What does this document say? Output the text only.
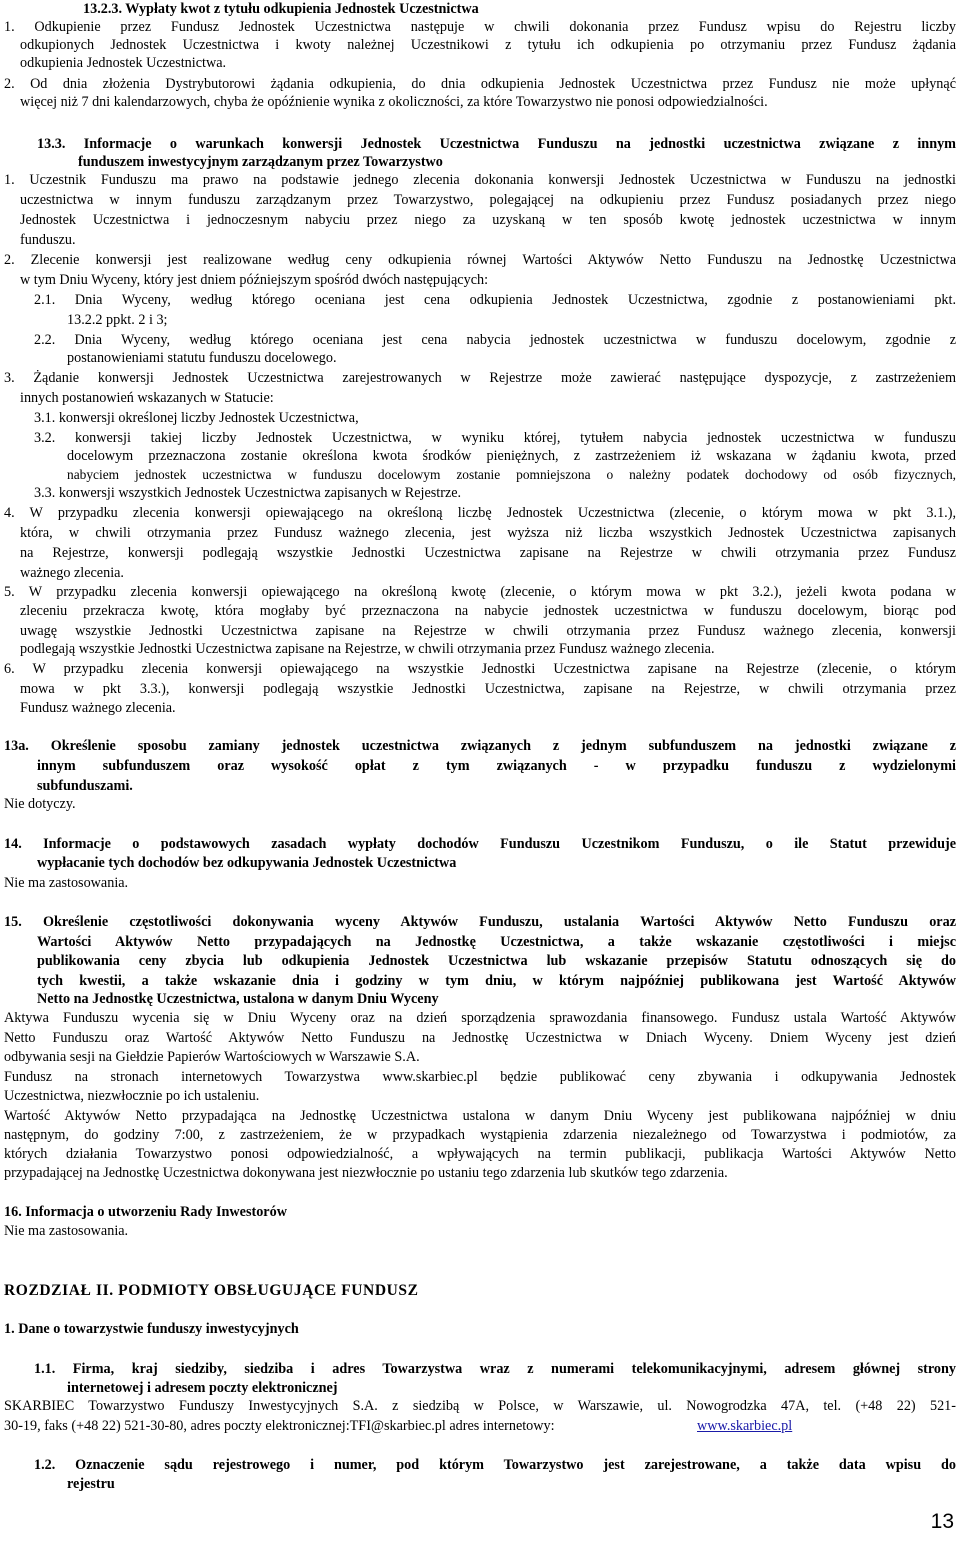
13.2.3. Wypłaty kwot z tytułu odkupienia Jednostek Uczestnictwa
1. Odkupienie przez Fundusz Jednostek Uczestnictwa następuje w chwili dokonania przez Fundusz wpisu do Rejestru liczby
odkupionych Jednostek Uczestnictwa i kwoty należnej Uczestnikowi z tytułu ich odkupienia po otrzymaniu przez Fundusz żądania
odkupienia Jednostek Uczestnictwa.
2. Od dnia złożenia Dystrybutorowi żądania odkupienia, do dnia odkupienia Jednostek Uczestnictwa przez Fundusz nie może upłynąć
więcej niż 7 dni kalendarzowych, chyba że opóźnienie wynika z okoliczności, za które Towarzystwo nie ponosi odpowiedzialności.
13.3. Informacje o warunkach konwersji Jednostek Uczestnictwa Funduszu na jednostki uczestnictwa związane z innym
funduszem inwestycyjnym zarządzanym przez Towarzystwo
1. Uczestnik Funduszu ma prawo na podstawie jednego zlecenia dokonania konwersji Jednostek Uczestnictwa w Funduszu na jednostki
uczestnictwa w innym funduszu zarządzanym przez Towarzystwo, polegającej na odkupieniu przez Fundusz posiadanych przez niego
Jednostek Uczestnictwa i jednoczesnym nabyciu przez niego za uzyskaną w ten sposób kwotę jednostek uczestnictwa w innym
funduszu.
2. Zlecenie konwersji jest realizowane według ceny odkupienia równej Wartości Aktywów Netto Funduszu na Jednostkę Uczestnictwa
w tym Dniu Wyceny, który jest dniem późniejszym spośród dwóch następujących:
2.1. Dnia Wyceny, według którego oceniana jest cena odkupienia Jednostek Uczestnictwa, zgodnie z postanowieniami pkt.
13.2.2 ppkt. 2 i 3;
2.2. Dnia Wyceny, według którego oceniana jest cena nabycia jednostek uczestnictwa w funduszu docelowym, zgodnie z
postanowieniami statutu funduszu docelowego.
3. Żądanie konwersji Jednostek Uczestnictwa zarejestrowanych w Rejestrze może zawierać następujące dyspozycje, z zastrzeżeniem
innych postanowień wskazanych w Statucie:
3.1. konwersji określonej liczby Jednostek Uczestnictwa,
3.2. konwersji takiej liczby Jednostek Uczestnictwa, w wyniku której, tytułem nabycia jednostek uczestnictwa w funduszu
docelowym przeznaczona zostanie określona kwota środków pieniężnych, z zastrzeżeniem iż wskazana w żądaniu kwota, przed
nabyciem jednostek uczestnictwa w funduszu docelowym zostanie pomniejszona o należny podatek dochodowy od osób fizycznych,
3.3. konwersji wszystkich Jednostek Uczestnictwa zapisanych w Rejestrze.
4. W przypadku zlecenia konwersji opiewającego na określoną liczbę Jednostek Uczestnictwa (zlecenie, o którym mowa w pkt 3.1.),
która, w chwili otrzymania przez Fundusz ważnego zlecenia, jest wyższa niż liczba wszystkich Jednostek Uczestnictwa zapisanych
na Rejestrze, konwersji podlegają wszystkie Jednostki Uczestnictwa zapisane na Rejestrze w chwili otrzymania przez Fundusz
ważnego zlecenia.
5. W przypadku zlecenia konwersji opiewającego na określoną kwotę (zlecenie, o którym mowa w pkt 3.2.), jeżeli kwota podana w
zleceniu przekracza kwotę, która mogłaby być przeznaczona na nabycie jednostek uczestnictwa w funduszu docelowym, biorąc pod
uwagę wszystkie Jednostki Uczestnictwa zapisane na Rejestrze w chwili otrzymania przez Fundusz ważnego zlecenia, konwersji
podlegają wszystkie Jednostki Uczestnictwa zapisane na Rejestrze, w chwili otrzymania przez Fundusz ważnego zlecenia.
6. W przypadku zlecenia konwersji opiewającego na wszystkie Jednostki Uczestnictwa zapisane na Rejestrze (zlecenie, o którym
mowa w pkt 3.3.), konwersji podlegają wszystkie Jednostki Uczestnictwa, zapisane na Rejestrze, w chwili otrzymania przez
Fundusz ważnego zlecenia.
13a. Określenie sposobu zamiany jednostek uczestnictwa związanych z jednym subfunduszem na jednostki związane z
innym subfunduszem oraz wysokość opłat z tym związanych - w przypadku funduszu z wydzielonymi
subfunduszami.
Nie dotyczy.
14. Informacje o podstawowych zasadach wypłaty dochodów Funduszu Uczestnikom Funduszu, o ile Statut przewiduje
wypłacanie tych dochodów bez odkupywania Jednostek Uczestnictwa
Nie ma zastosowania.
15. Określenie częstotliwości dokonywania wyceny Aktywów Funduszu, ustalania Wartości Aktywów Netto Funduszu oraz
Wartości Aktywów Netto przypadających na Jednostkę Uczestnictwa, a także wskazanie częstotliwości i miejsc
publikowania ceny zbycia lub odkupienia Jednostek Uczestnictwa lub wskazanie przepisów Statutu odnoszących się do
tych kwestii, a także wskazanie dnia i godziny w tym dniu, w którym najpóźniej publikowana jest Wartość Aktywów
Netto na Jednostkę Uczestnictwa, ustalona w danym Dniu Wyceny
Aktywa Funduszu wycenia się w Dniu Wyceny oraz na dzień sporządzenia sprawozdania finansowego. Fundusz ustala Wartość Aktywów
Netto Funduszu oraz Wartość Aktywów Netto Funduszu na Jednostkę Uczestnictwa w Dniach Wyceny. Dniem Wyceny jest dzień
odbywania sesji na Giełdzie Papierów Wartościowych w Warszawie S.A.
Fundusz na stronach internetowych Towarzystwa www.skarbiec.pl będzie publikować ceny zbywania i odkupywania Jednostek
Uczestnictwa, niezwłocznie po ich ustaleniu.
Wartość Aktywów Netto przypadająca na Jednostkę Uczestnictwa ustalona w danym Dniu Wyceny jest publikowana najpóźniej w dniu
następnym, do godziny 7:00, z zastrzeżeniem, że w przypadkach wystąpienia zdarzenia niezależnego od Towarzystwa i podmiotów, za
których działania Towarzystwo ponosi odpowiedzialność, a wpływających na termin publikacji, publikacja Wartości Aktywów Netto
przypadającej na Jednostkę Uczestnictwa dokonywana jest niezwłocznie po ustaniu tego zdarzenia lub skutków tego zdarzenia.
16. Informacja o utworzeniu Rady Inwestorów
Nie ma zastosowania.
ROZDZIAŁ II. PODMIOTY OBSŁUGUJĄCE FUNDUSZ
1. Dane o towarzystwie funduszy inwestycyjnych
1.1. Firma, kraj siedziby, siedziba i adres Towarzystwa wraz z numerami telekomunikacyjnymi, adresem głównej strony
internetowej i adresem poczty elektronicznej
SKARBIEC Towarzystwo Funduszy Inwestycyjnych S.A. z siedzibą w Polsce, w Warszawie, ul. Nowogrodzka 47A, tel. (+48 22) 521-
30-19, faks (+48 22) 521-30-80, adres poczty elektronicznej:TFI@skarbiec.pl adres internetowy:
1.2. Oznaczenie sądu rejestrowego i numer, pod którym Towarzystwo jest zarejestrowane, a także data wpisu do
rejestru
www.skarbiec.pl
13
